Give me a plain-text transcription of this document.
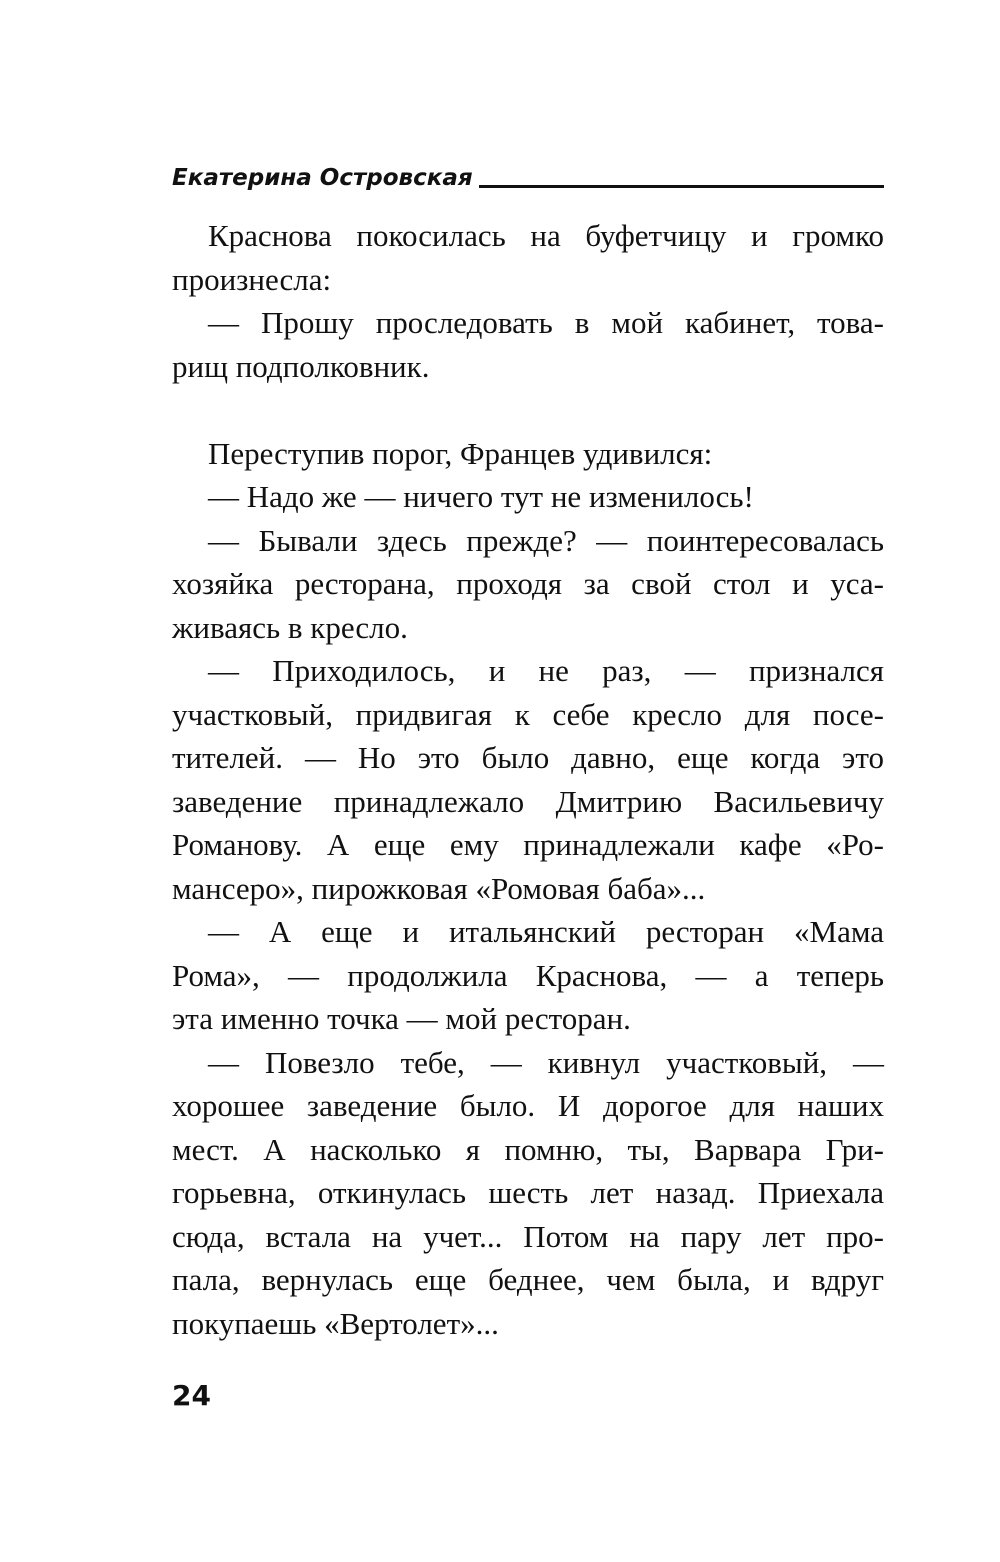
Екатерина Островская
Краснова покосилась на буфетчицу и громко
произнесла:
— Прошу проследовать в мой кабинет, това-
рищ подполковник.
Переступив порог, Францев удивился:
— Надо же — ничего тут не изменилось!
— Бывали здесь прежде? — поинтересовалась
хозяйка ресторана, проходя за свой стол и уса-
живаясь в кресло.
— Приходилось, и не раз, — признался
участковый, придвигая к себе кресло для посе-
тителей. — Но это было давно, еще когда это
заведение принадлежало Дмитрию Васильевичу
Романову. А еще ему принадлежали кафе «Ро-
мансеро», пирожковая «Ромовая баба»...
— А еще и итальянский ресторан «Мама
Рома», — продолжила Краснова, — а теперь
эта именно точка — мой ресторан.
— Повезло тебе, — кивнул участковый, —
хорошее заведение было. И дорогое для наших
мест. А насколько я помню, ты, Варвара Гри-
горьевна, откинулась шесть лет назад. Приехала
сюда, встала на учет... Потом на пару лет про-
пала, вернулась еще беднее, чем была, и вдруг
покупаешь «Вертолет»...
24
